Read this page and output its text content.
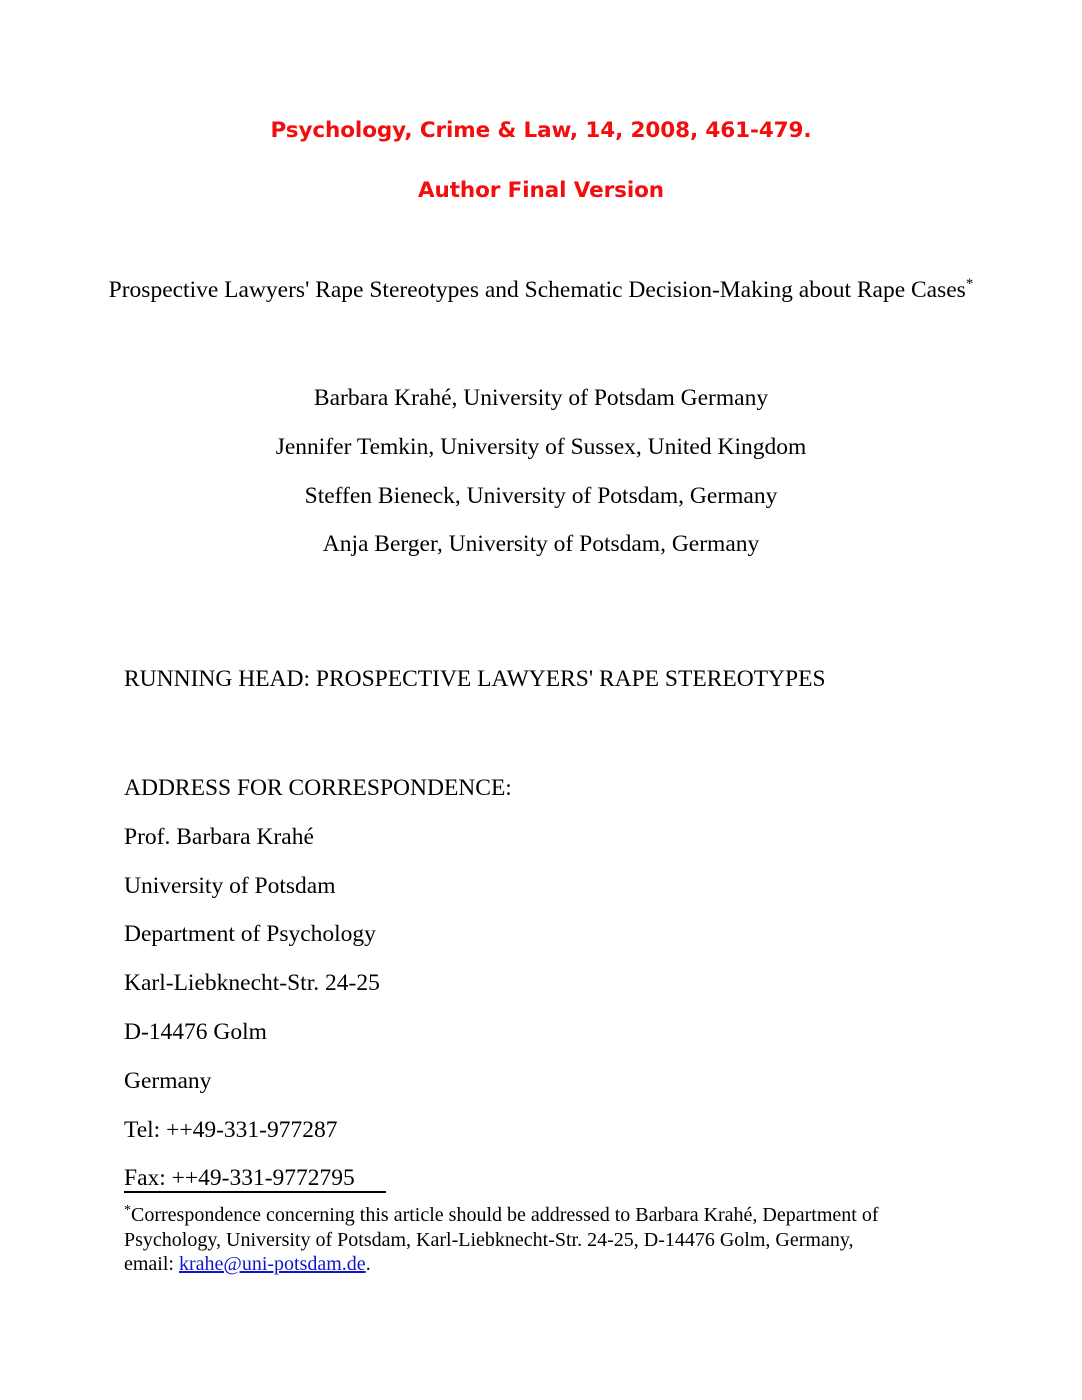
Psychology, Crime & Law, 14, 2008, 461-479.
Author Final Version
Prospective Lawyers' Rape Stereotypes and Schematic Decision-Making about Rape Cases*
Barbara Krahé, University of Potsdam Germany
Jennifer Temkin, University of Sussex, United Kingdom
Steffen Bieneck, University of Potsdam, Germany
Anja Berger, University of Potsdam, Germany
RUNNING HEAD: PROSPECTIVE LAWYERS' RAPE STEREOTYPES
ADDRESS FOR CORRESPONDENCE:
Prof. Barbara Krahé
University of Potsdam
Department of Psychology
Karl-Liebknecht-Str. 24-25
D-14476 Golm
Germany
Tel: ++49-331-977287
Fax: ++49-331-9772795
*Correspondence concerning this article should be addressed to Barbara Krahé, Department of Psychology, University of Potsdam, Karl-Liebknecht-Str. 24-25, D-14476 Golm, Germany, email: krahe@uni-potsdam.de.
